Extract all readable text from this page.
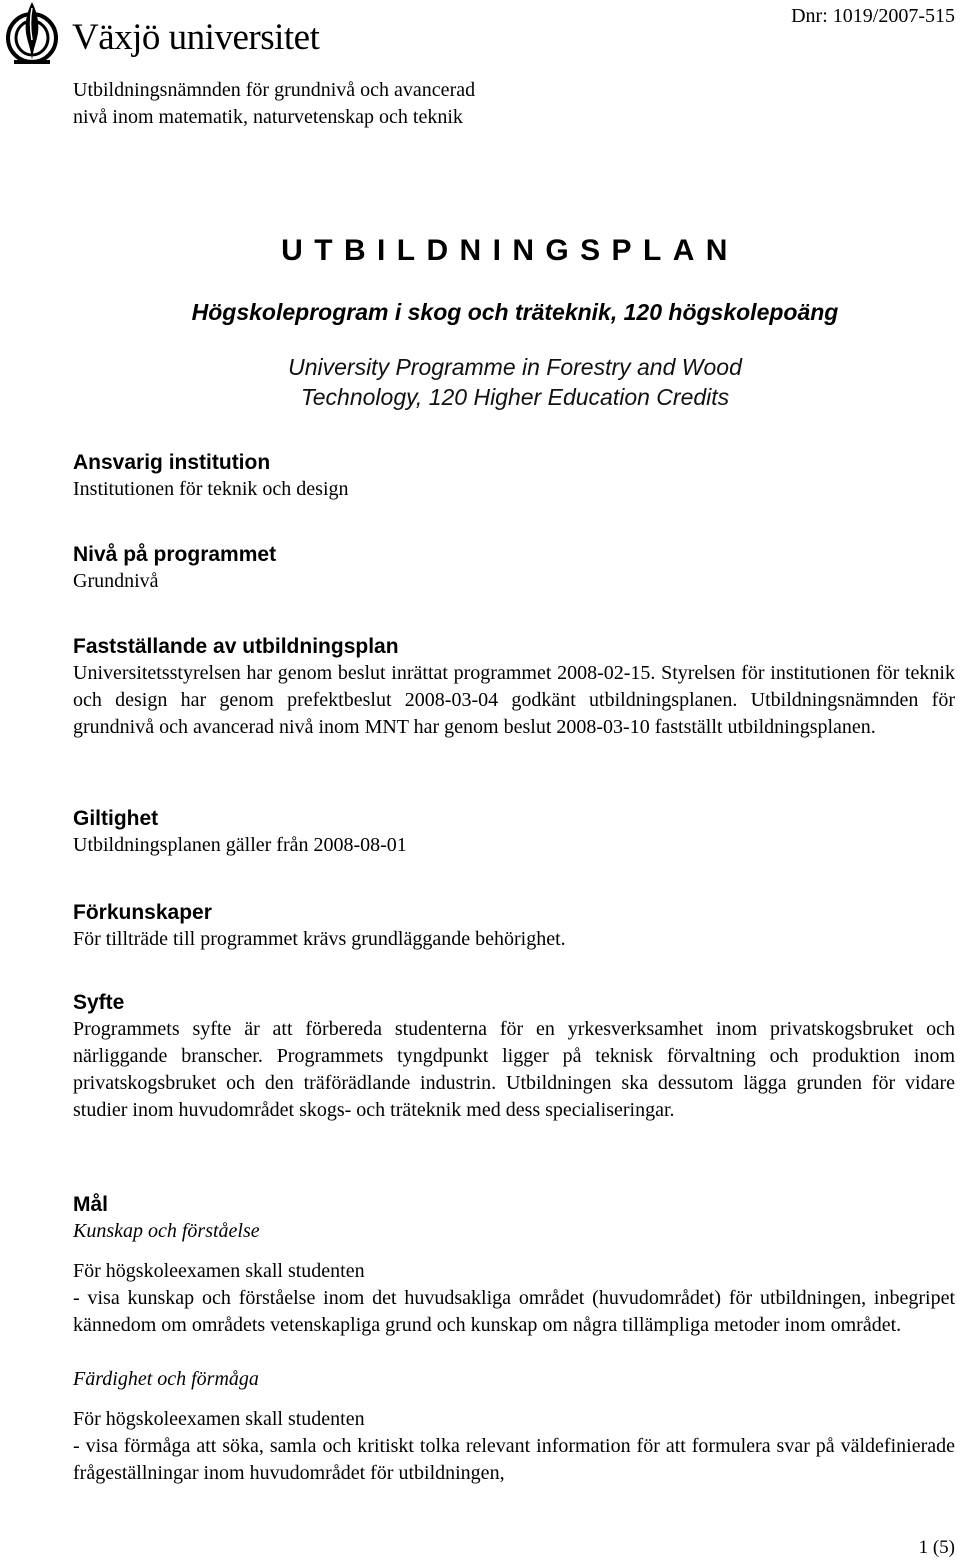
Växjö universitet
Dnr: 1019/2007-515
Utbildningsnämnden för grundnivå och avancerad nivå inom matematik, naturvetenskap och teknik
UTBILDNINGSPLAN
Högskoleprogram i skog och träteknik, 120 högskolepoäng
University Programme in Forestry and Wood Technology, 120 Higher Education Credits

Ansvarig institution

Institutionen för teknik och design

Nivå på programmet

Grundnivå

Fastställande av utbildningsplan

Universitetsstyrelsen har genom beslut inrättat programmet 2008-02-15. Styrelsen för institutionen för teknik och design har genom prefektbeslut 2008-03-04 godkänt utbildningsplanen. Utbildningsnämnden för grundnivå och avancerad nivå inom MNT har genom beslut 2008-03-10 fastställt utbildningsplanen.

Giltighet

Utbildningsplanen gäller från 2008-08-01

Förkunskaper

För tillträde till programmet krävs grundläggande behörighet.

Syfte

Programmets syfte är att förbereda studenterna för en yrkesverksamhet inom privatskogsbruket och närliggande branscher. Programmets tyngdpunkt ligger på teknisk förvaltning och produktion inom privatskogsbruket och den träförädlande industrin. Utbildningen ska dessutom lägga grunden för vidare studier inom huvudområdet skogs- och träteknik med dess specialiseringar.

Mål

Kunskap och förståelse

För högskoleexamen skall studenten

- visa kunskap och förståelse inom det huvudsakliga området (huvudområdet) för utbildningen, inbegripet kännedom om områdets vetenskapliga grund och kunskap om några tillämpliga metoder inom området.

Färdighet och förmåga

För högskoleexamen skall studenten

- visa förmåga att söka, samla och kritiskt tolka relevant information för att formulera svar på väldefinierade frågeställningar inom huvudområdet för utbildningen,

1 (5)
